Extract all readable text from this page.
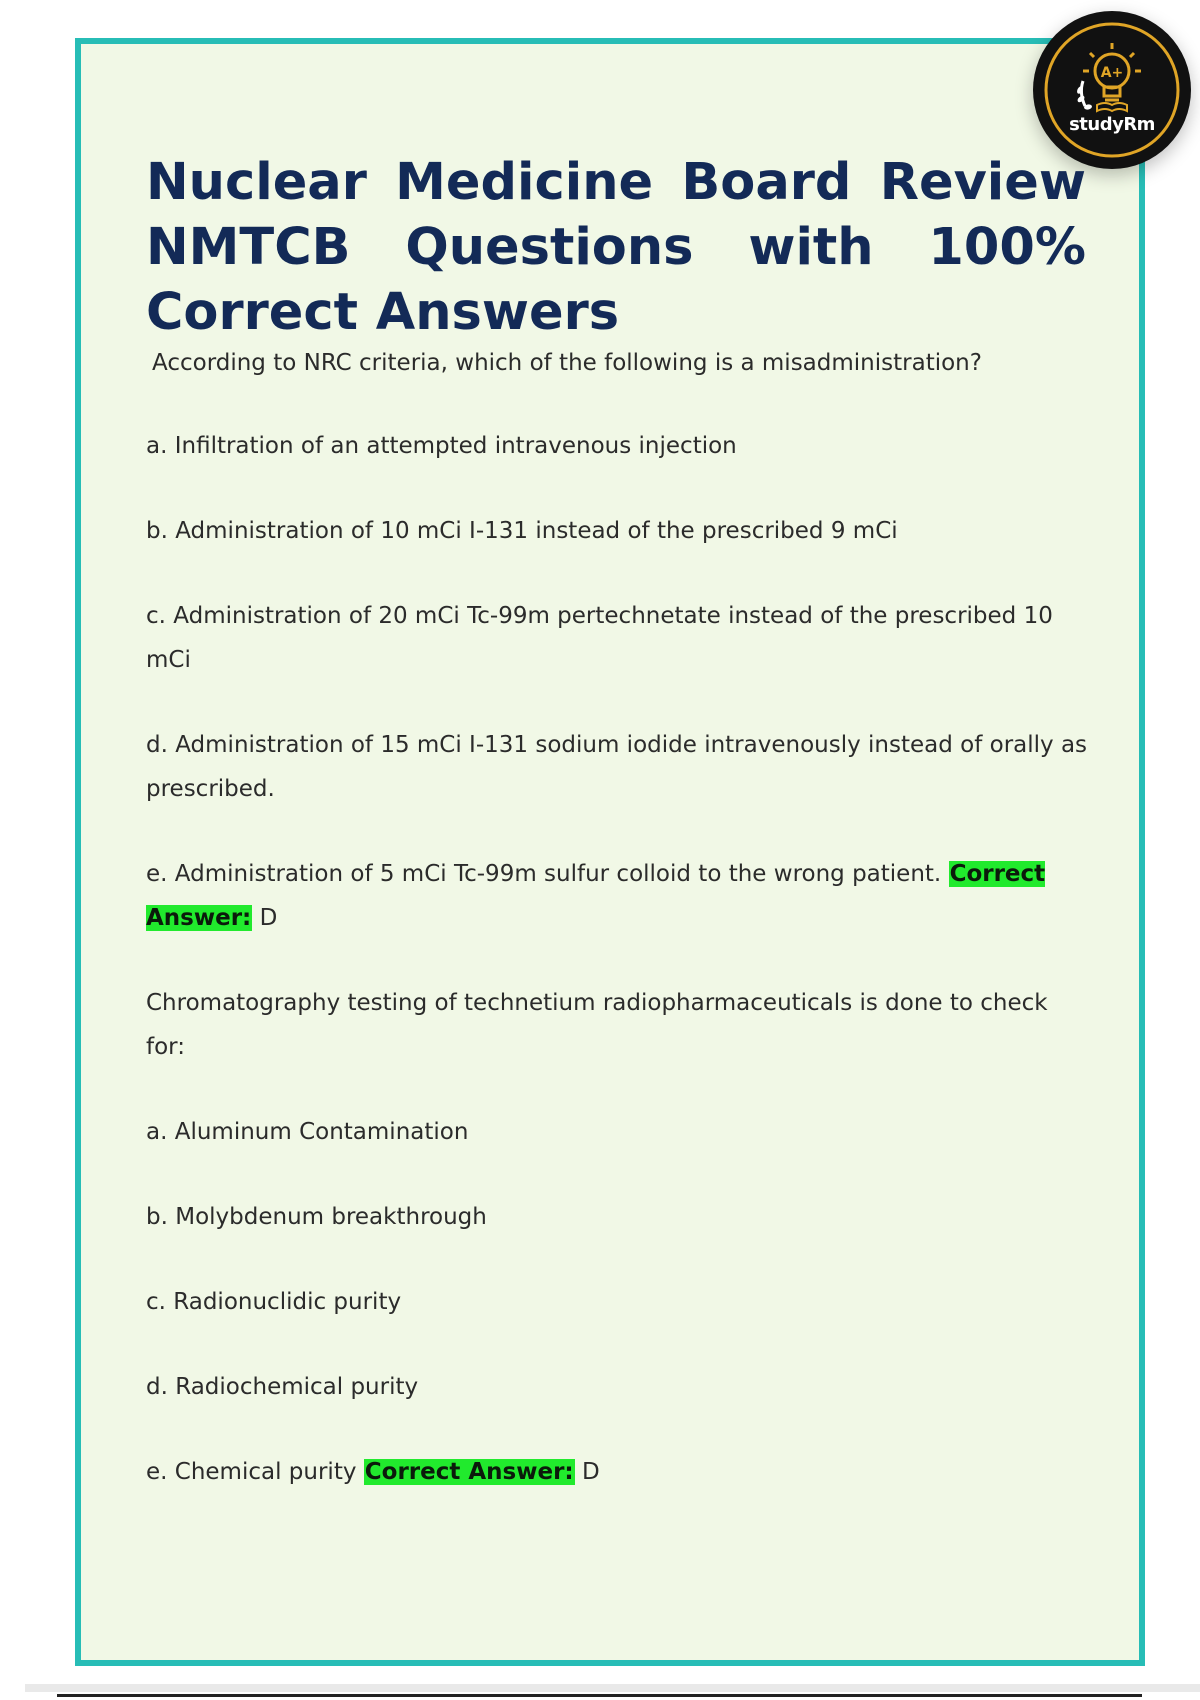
A+
studyRm
Nuclear Medicine Board Review NMTCB Questions with 100% Correct Answers

According to NRC criteria, which of the following is a misadministration?

a. Infiltration of an attempted intravenous injection

b. Administration of 10 mCi I-131 instead of the prescribed 9 mCi

c. Administration of 20 mCi Tc-99m pertechnetate instead of the prescribed 10 mCi

d. Administration of 15 mCi I-131 sodium iodide intravenously instead of orally as prescribed.

e. Administration of 5 mCi Tc-99m sulfur colloid to the wrong patient. Correct Answer: D

Chromatography testing of technetium radiopharmaceuticals is done to check for:

a. Aluminum Contamination

b. Molybdenum breakthrough

c. Radionuclidic purity

d. Radiochemical purity

e. Chemical purity Correct Answer: D
